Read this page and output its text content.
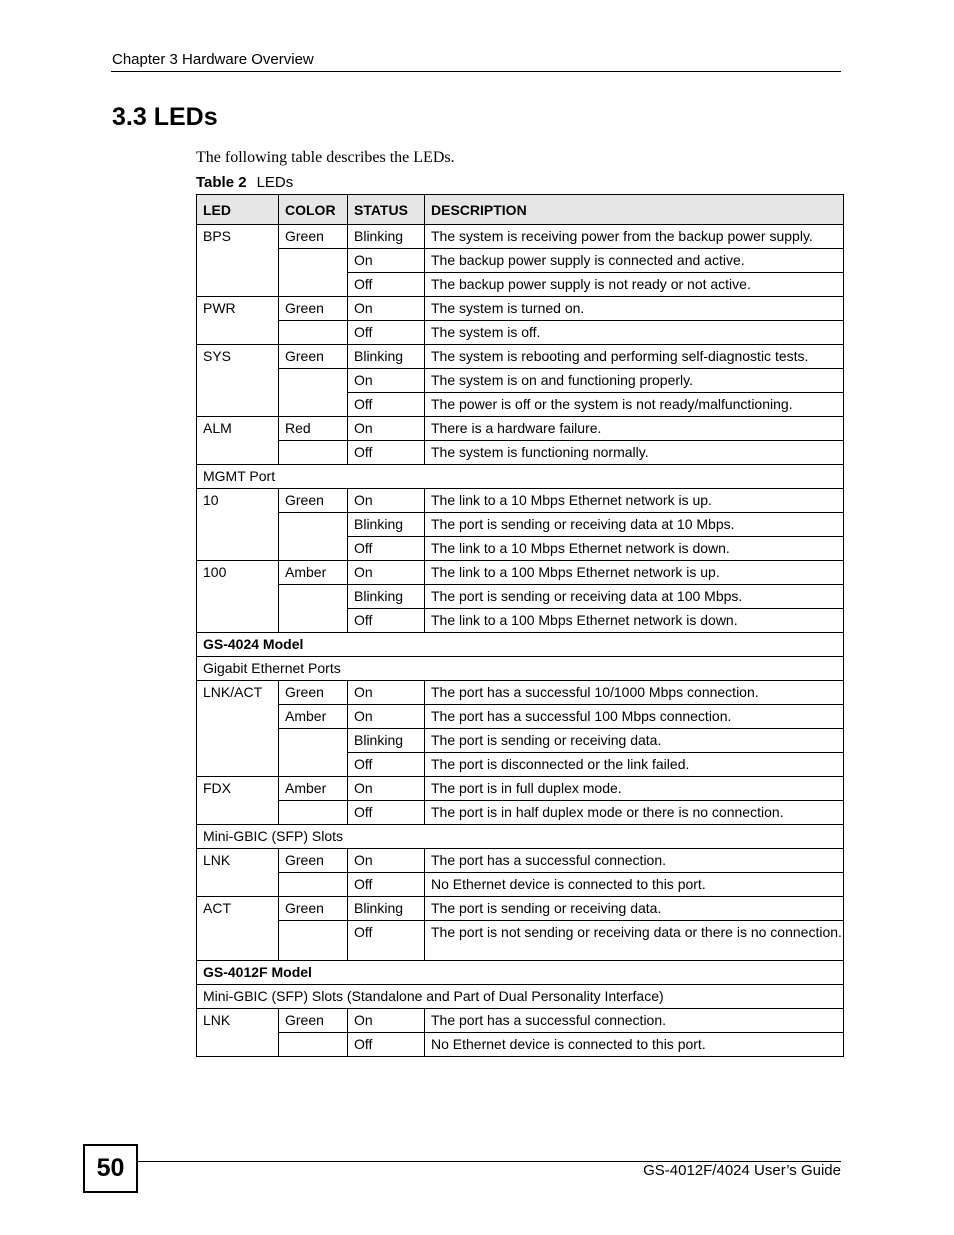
Chapter 3 Hardware Overview
3.3 LEDs
The following table describes the LEDs.
Table 2 LEDs
LED	COLOR	STATUS	DESCRIPTION
BPS	Green	Blinking	The system is receiving power from the backup power supply.
		On	The backup power supply is connected and active.
		Off	The backup power supply is not ready or not active.
PWR	Green	On	The system is turned on.
		Off	The system is off.
SYS	Green	Blinking	The system is rebooting and performing self-diagnostic tests.
		On	The system is on and functioning properly.
		Off	The power is off or the system is not ready/malfunctioning.
ALM	Red	On	There is a hardware failure.
		Off	The system is functioning normally.
MGMT Port			
10	Green	On	The link to a 10 Mbps Ethernet network is up.
		Blinking	The port is sending or receiving data at 10 Mbps.
		Off	The link to a 10 Mbps Ethernet network is down.
100	Amber	On	The link to a 100 Mbps Ethernet network is up.
		Blinking	The port is sending or receiving data at 100 Mbps.
		Off	The link to a 100 Mbps Ethernet network is down.
GS-4024 Model			
Gigabit Ethernet Ports			
LNK/ACT	Green	On	The port has a successful 10/1000 Mbps connection.
	Amber	On	The port has a successful 100 Mbps connection.
		Blinking	The port is sending or receiving data.
		Off	The port is disconnected or the link failed.
FDX	Amber	On	The port is in full duplex mode.
		Off	The port is in half duplex mode or there is no connection.
Mini-GBIC (SFP) Slots			
LNK	Green	On	The port has a successful connection.
		Off	No Ethernet device is connected to this port.
ACT	Green	Blinking	The port is sending or receiving data.
		Off	The port is not sending or receiving data or there is no connection.
GS-4012F Model			
Mini-GBIC (SFP) Slots (Standalone and Part of Dual Personality Interface)			
LNK	Green	On	The port has a successful connection.
		Off	No Ethernet device is connected to this port.
50	GS-4012F/4024 User’s Guide
